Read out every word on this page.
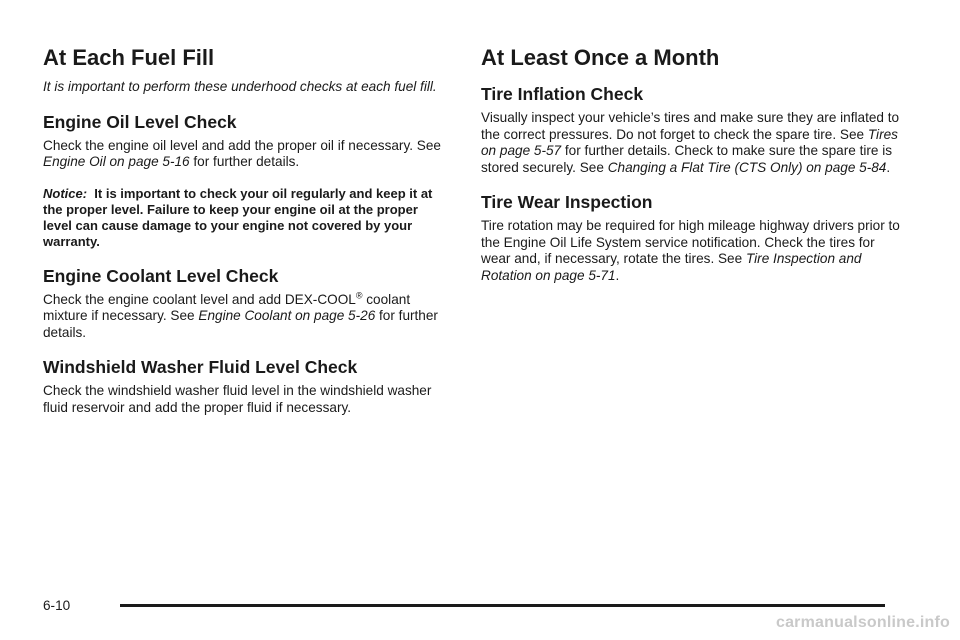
At Each Fuel Fill

It is important to perform these underhood checks at each fuel fill.

Engine Oil Level Check

Check the engine oil level and add the proper oil if necessary. See Engine Oil on page 5-16 for further details.

Notice: It is important to check your oil regularly and keep it at the proper level. Failure to keep your engine oil at the proper level can cause damage to your engine not covered by your warranty.

Engine Coolant Level Check

Check the engine coolant level and add DEX-COOL® coolant mixture if necessary. See Engine Coolant on page 5-26 for further details.

Windshield Washer Fluid Level Check

Check the windshield washer fluid level in the windshield washer fluid reservoir and add the proper fluid if necessary.

At Least Once a Month
Tire Inflation Check

Visually inspect your vehicle’s tires and make sure they are inflated to the correct pressures. Do not forget to check the spare tire. See Tires on page 5-57 for further details. Check to make sure the spare tire is stored securely. See Changing a Flat Tire (CTS Only) on page 5-84.

Tire Wear Inspection

Tire rotation may be required for high mileage highway drivers prior to the Engine Oil Life System service notification. Check the tires for wear and, if necessary, rotate the tires. See Tire Inspection and Rotation on page 5-71.

6-10
carmanualsonline.info
